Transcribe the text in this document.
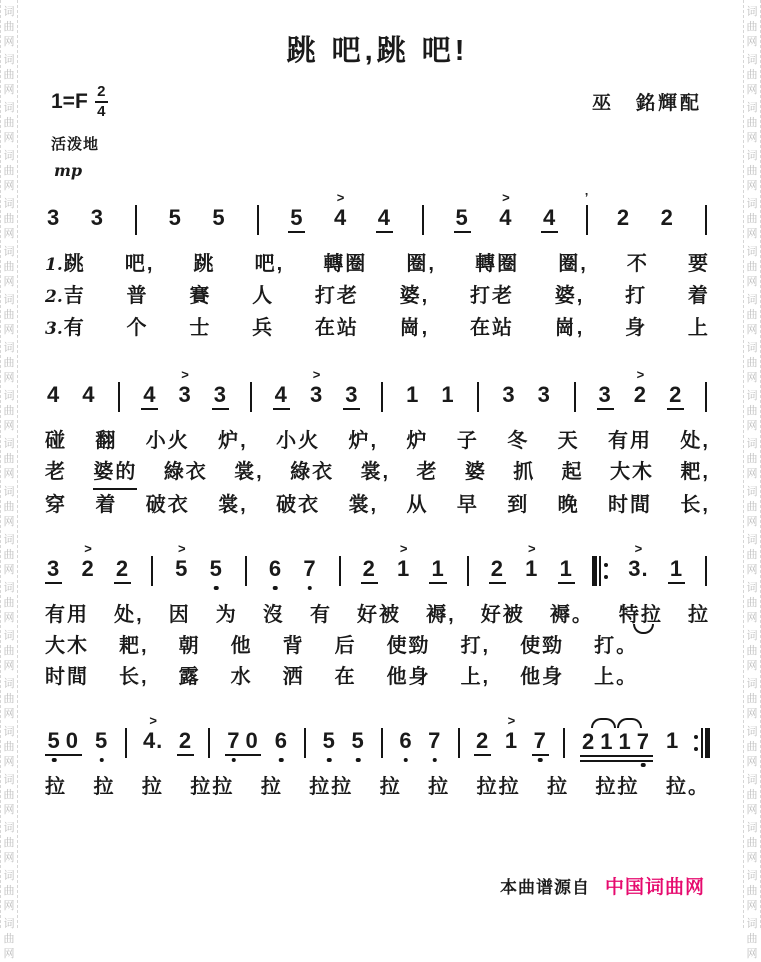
词
曲
网
词
曲
网
词
曲
网
词
曲
网
词
曲
网
词
曲
网
词
曲
网
词
曲
网
词
曲
网
词
曲
网
词
曲
网
词
曲
网
词
曲
网
词
曲
网
词
曲
网
词
曲
网
词
曲
网
词
曲
网
词
曲
网
词
曲
网
词
曲
网
词
曲
网
词
曲
网
词
曲
网
词
曲
网
词
曲
网
词
曲
网
词
曲
网
词
曲
网
词
曲
网
词
曲
网
词
曲
网
词
曲
网
词
曲
网
词
曲
网
词
曲
网
词
曲
网
词
曲
网
词
曲
网
词
曲
网
跳 吧,跳 吧!
$1=F \frac{2}{4}$	巫　銘輝配
活泼地
mp
3 3	5 5	5
>
4 4	5
>
4 4
’
2 2
1. 跳 吧, 跳 吧, 轉圈 圈, 轉圈 圈, 不 要
2. 吉 普 賽 人 打老 婆, 打老 婆, 打 着
3. 有 个 士 兵 在站 崗, 在站 崗, 身 上
4 4 4
>
3 3 4
>
3 3 1 1 3 3 3
>
2 2
碰 翻 小火 炉, 小火 炉, 炉 子 冬 天 有用 处,
老 婆的 綠衣 裳, 綠衣 裳, 老 婆 抓 起 大木 耙,
穿 着 破衣 裳, 破衣 裳, 从 早 到 晚 时間 长,
3
>
2 2
>
5 5 6 7 2
>
1 1 2
>
1 1
>
3. 1
有用 处, 因 为 沒 有 好被 褥, 好被 褥。 特拉 拉
大木 耙, 朝 他 背 后 使勁 打, 使勁 打。
时間 长, 露 水 洒 在 他身 上, 他身 上。
5 0 5
>
4. 2 7 0 6 5 5 6 7 2
>
1 7 2 1 1 7 1
拉 拉 拉 拉拉 拉 拉拉 拉 拉 拉拉 拉 拉拉 拉。
本曲谱源自 中国词曲网
